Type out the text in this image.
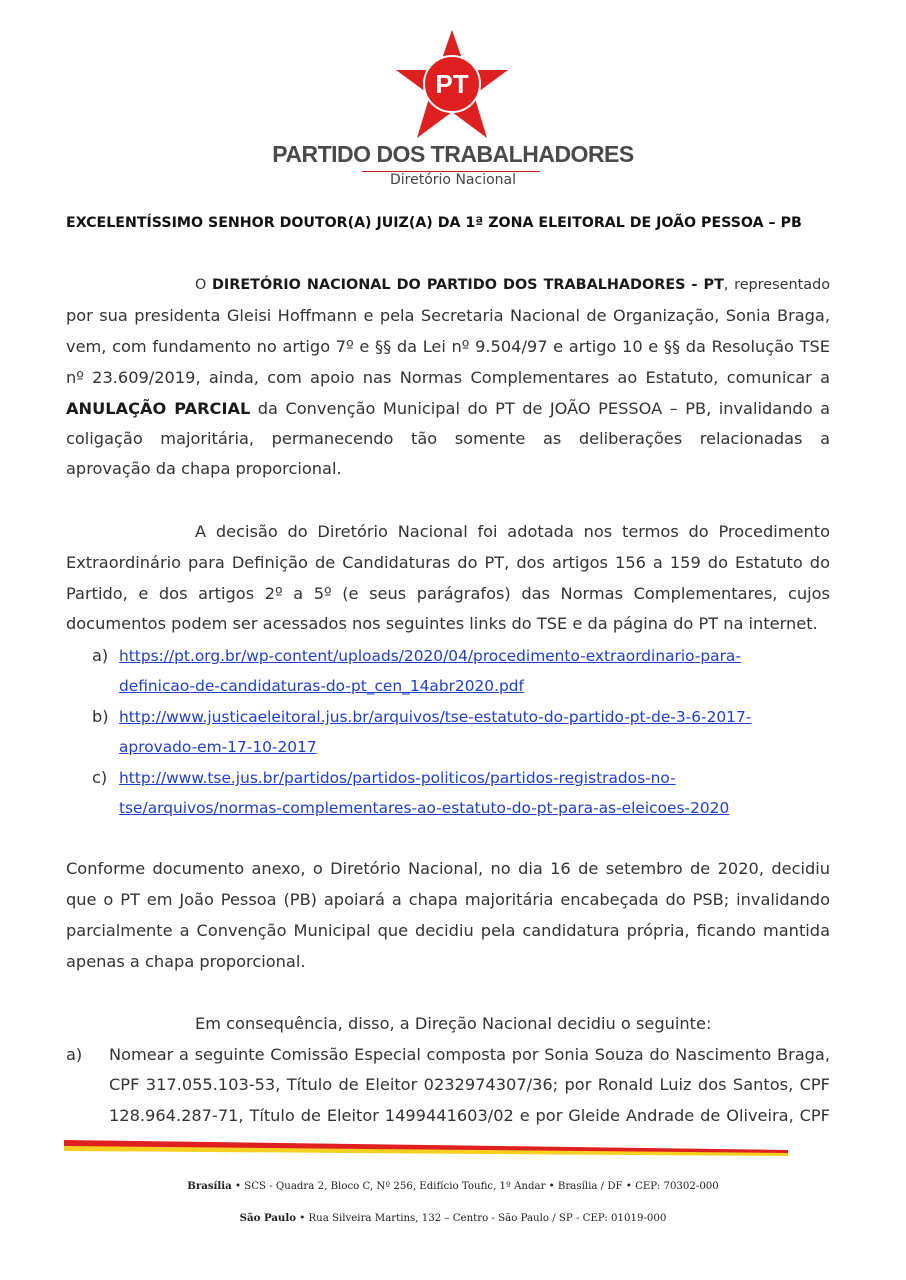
PT
PARTIDO DOS TRABALHADORES
Diretório Nacional
EXCELENTÍSSIMO SENHOR DOUTOR(A) JUIZ(A) DA 1ª ZONA ELEITORAL DE JOÃO PESSOA – PB
O DIRETÓRIO NACIONAL DO PARTIDO DOS TRABALHADORES - PT, representado
por sua presidenta Gleisi Hoffmann e pela Secretaria Nacional de Organização, Sonia Braga,
vem, com fundamento no artigo 7º e §§ da Lei nº 9.504/97 e artigo 10 e §§ da Resolução TSE
nº 23.609/2019, ainda, com apoio nas Normas Complementares ao Estatuto, comunicar a
ANULAÇÃO PARCIAL da Convenção Municipal do PT de JOÃO PESSOA – PB, invalidando a
coligação majoritária, permanecendo tão somente as deliberações relacionadas a
aprovação da chapa proporcional.
A decisão do Diretório Nacional foi adotada nos termos do Procedimento
Extraordinário para Definição de Candidaturas do PT, dos artigos 156 a 159 do Estatuto do
Partido, e dos artigos 2º a 5º (e seus parágrafos) das Normas Complementares, cujos
documentos podem ser acessados nos seguintes links do TSE e da página do PT na internet.
a) https://pt.org.br/wp-content/uploads/2020/04/procedimento-extraordinario-para-
definicao-de-candidaturas-do-pt_cen_14abr2020.pdf
b) http://www.justicaeleitoral.jus.br/arquivos/tse-estatuto-do-partido-pt-de-3-6-2017-
aprovado-em-17-10-2017
c) http://www.tse.jus.br/partidos/partidos-politicos/partidos-registrados-no-
tse/arquivos/normas-complementares-ao-estatuto-do-pt-para-as-eleicoes-2020
Conforme documento anexo, o Diretório Nacional, no dia 16 de setembro de 2020, decidiu
que o PT em João Pessoa (PB) apoiará a chapa majoritária encabeçada do PSB; invalidando
parcialmente a Convenção Municipal que decidiu pela candidatura própria, ficando mantida
apenas a chapa proporcional.
Em consequência, disso, a Direção Nacional decidiu o seguinte:
a) Nomear a seguinte Comissão Especial composta por Sonia Souza do Nascimento Braga,
CPF 317.055.103-53, Título de Eleitor 0232974307/36; por Ronald Luiz dos Santos, CPF
128.964.287-71, Título de Eleitor 1499441603/02 e por Gleide Andrade de Oliveira, CPF
Brasília • SCS - Quadra 2, Bloco C, Nº 256, Edifício Toufic, 1º Andar • Brasília / DF • CEP: 70302-000
São Paulo • Rua Silveira Martins, 132 – Centro - São Paulo / SP - CEP: 01019-000
